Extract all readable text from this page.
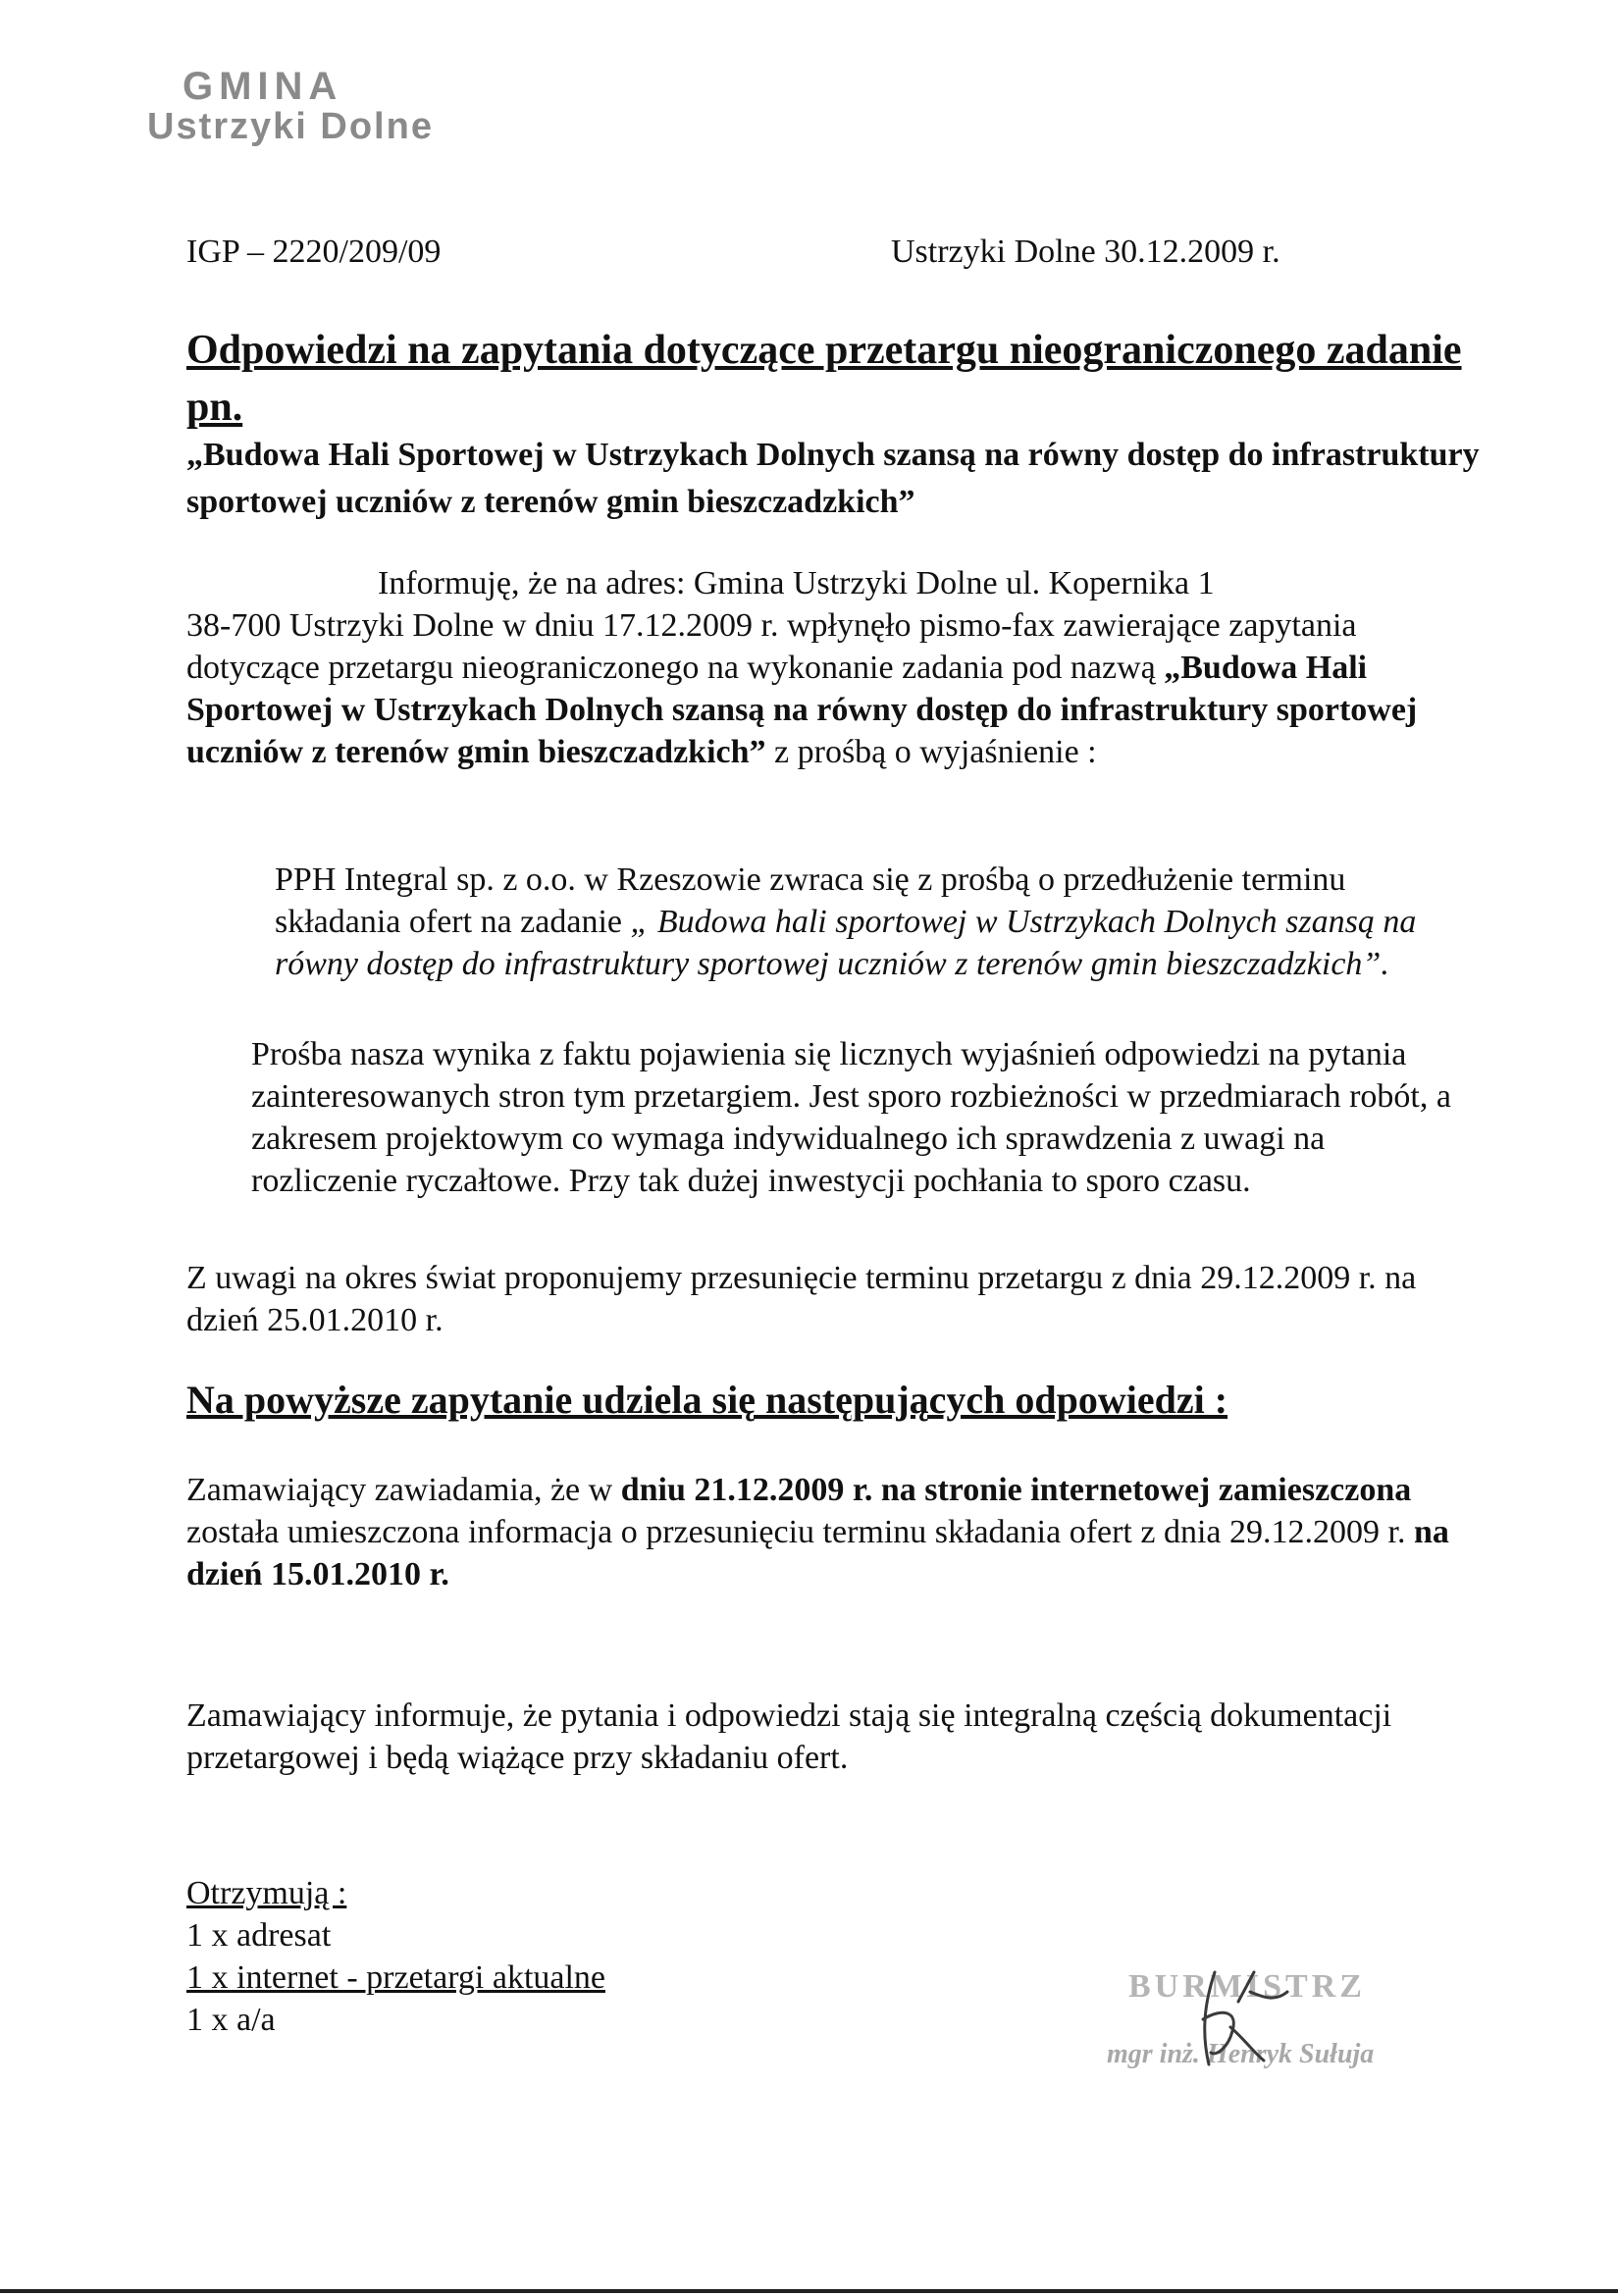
GMINA
Ustrzyki Dolne
IGP – 2220/209/09	Ustrzyki Dolne 30.12.2009 r.
Odpowiedzi na zapytania dotyczące przetargu nieograniczonego zadanie pn.
„Budowa Hali Sportowej w Ustrzykach Dolnych szansą na równy dostęp do infrastruktury sportowej uczniów z terenów gmin bieszczadzkich”
Informuję, że na adres: Gmina Ustrzyki Dolne ul. Kopernika 1
38-700 Ustrzyki Dolne w dniu 17.12.2009 r. wpłynęło pismo-fax zawierające zapytania dotyczące przetargu nieograniczonego na wykonanie zadania pod nazwą „Budowa Hali Sportowej w Ustrzykach Dolnych szansą na równy dostęp do infrastruktury sportowej uczniów z terenów gmin bieszczadzkich” z prośbą o wyjaśnienie :
PPH Integral sp. z o.o. w Rzeszowie zwraca się z prośbą o przedłużenie terminu składania ofert na zadanie „ Budowa hali sportowej w Ustrzykach Dolnych szansą na równy dostęp do infrastruktury sportowej uczniów z terenów gmin bieszczadzkich”.
Prośba nasza wynika z faktu pojawienia się licznych wyjaśnień odpowiedzi na pytania zainteresowanych stron tym przetargiem. Jest sporo rozbieżności w przedmiarach robót, a zakresem projektowym co wymaga indywidualnego ich sprawdzenia z uwagi na rozliczenie ryczałtowe. Przy tak dużej inwestycji pochłania to sporo czasu.
Z uwagi na okres świat proponujemy przesunięcie terminu przetargu z dnia 29.12.2009 r. na dzień 25.01.2010 r.
Na powyższe zapytanie udziela się następujących odpowiedzi :
Zamawiający zawiadamia, że w dniu 21.12.2009 r. na stronie internetowej zamieszczona została umieszczona informacja o przesunięciu terminu składania ofert z dnia 29.12.2009 r. na dzień 15.01.2010 r.
Zamawiający informuje, że pytania i odpowiedzi stają się integralną częścią dokumentacji przetargowej i będą wiążące przy składaniu ofert.
Otrzymują :
1 x adresat
1 x internet - przetargi aktualne
1 x a/a
BURMISTRZ
mgr inż. Henryk Sułuja
